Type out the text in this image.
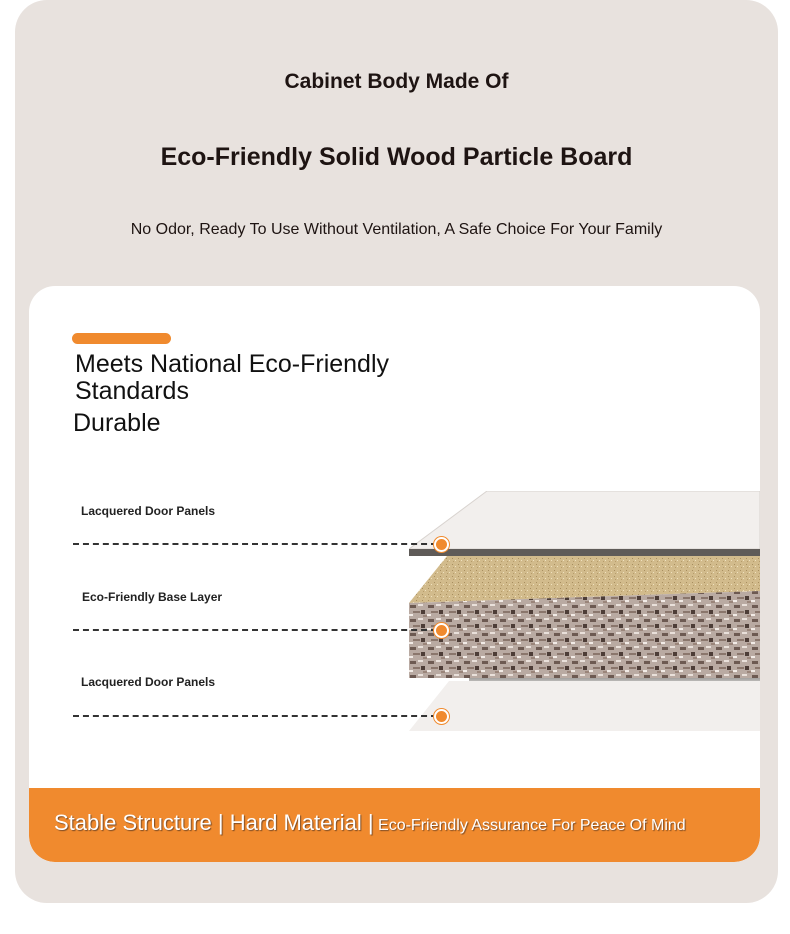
Cabinet Body Made Of
Eco-Friendly Solid Wood Particle Board
No Odor, Ready To Use Without Ventilation, A Safe Choice For Your Family
Meets National Eco-Friendly Standards
Durable
Lacquered Door Panels
Eco-Friendly Base Layer
Lacquered Door Panels
Stable Structure | Hard Material | Eco-Friendly Assurance For Peace Of Mind
